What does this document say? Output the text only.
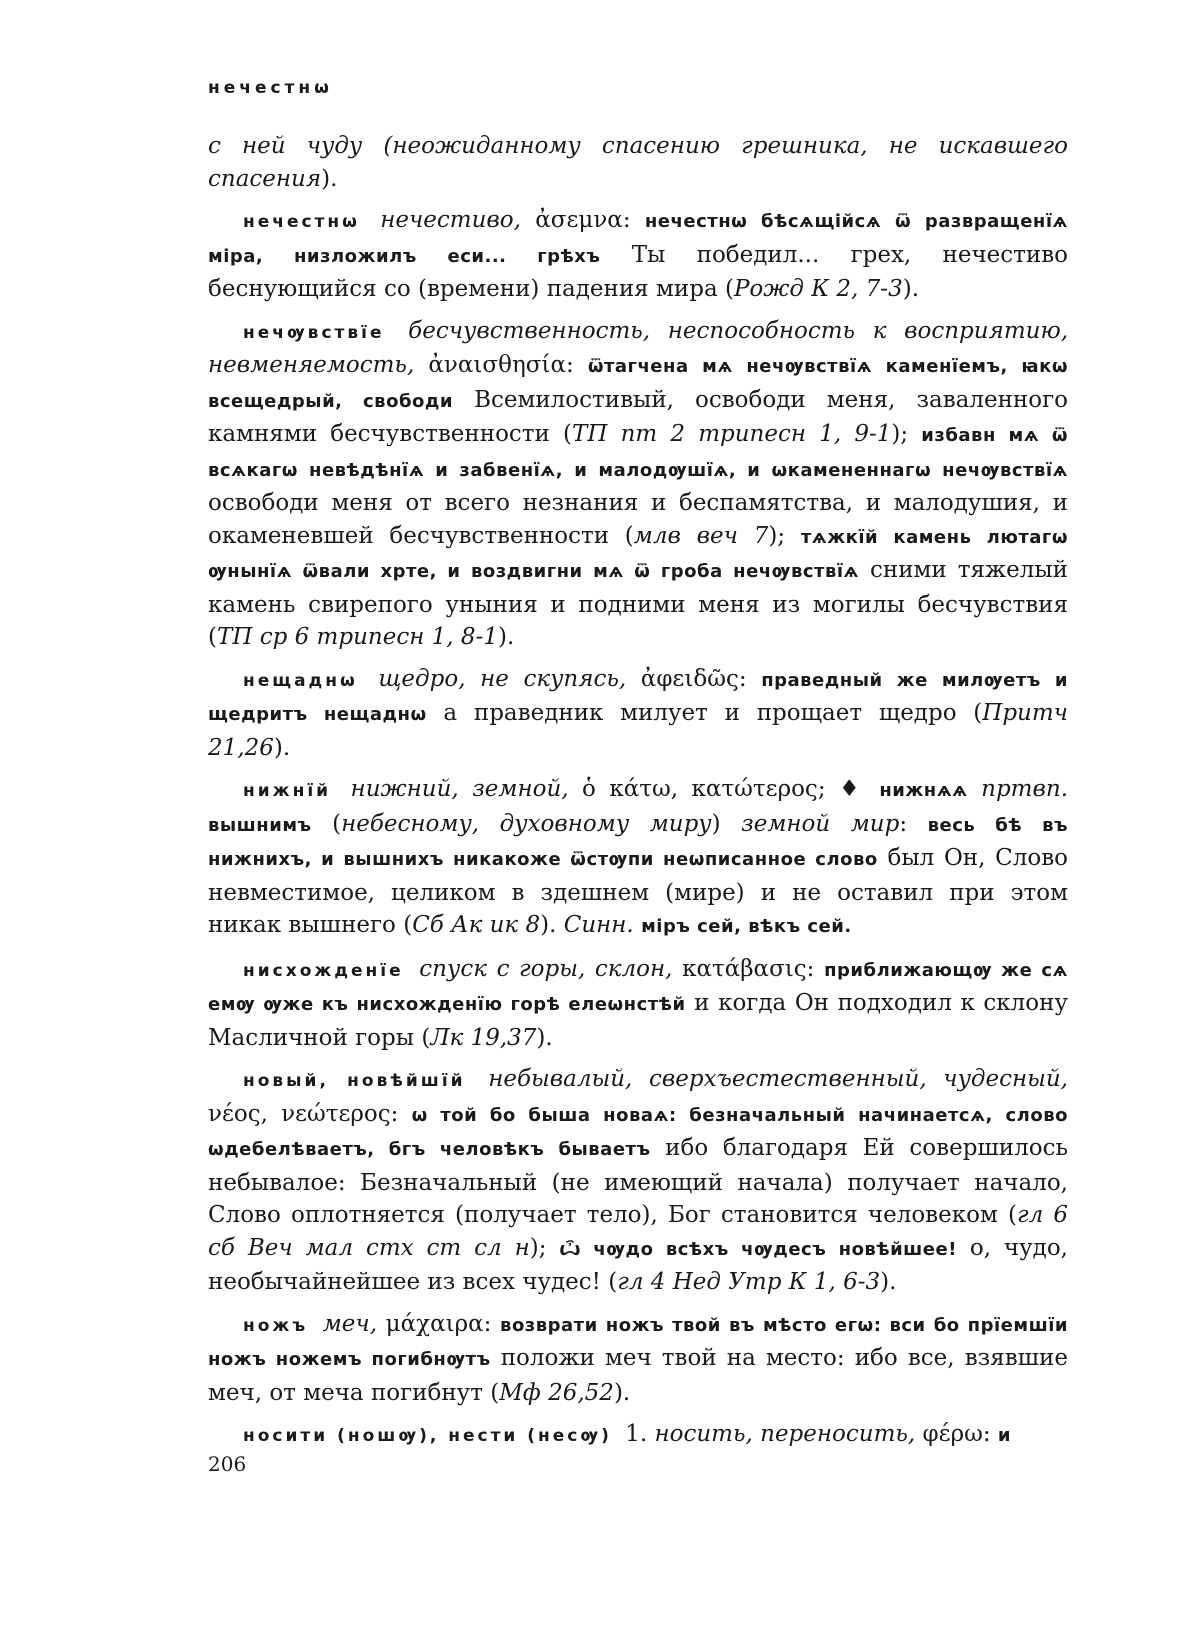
нечестнѡ

с ней чуду (неожиданному спасению грешника, не искавшего спасения).

нечестнѡ нечестиво, ἀσεμνα: нечестнѡ бѣсѧщійсѧ ѿ развращенїѧ міра, низложилъ еси... грѣхъ Ты победил... грех, нечестиво беснующийся со (времени) падения мира (Рожд К 2, 7-3).

нечѹвствїе бесчувственность, неспособность к восприятию, невменяемость, ἀναισθησία: ѿтагчена мѧ нечѹвствїѧ каменїемъ, ꙗкѡ всещедрый, свободи Всемилостивый, освободи меня, заваленного камнями бесчувственности (ТП пт 2 трипесн 1, 9-1); избавн мѧ ѿ всѧкагѡ невѣдѣнїѧ и забвенїѧ, и малодѹшїѧ, и ѡкамененнагѡ нечѹвствїѧ освободи меня от всего незнания и беспамятства, и малодушия, и окаменевшей бесчувственности (млв веч 7); тѧжкїй камень лютагѡ ѹнынїѧ ѿвали хрте, и воздвигни мѧ ѿ гроба нечѹвствїѧ сними тяжелый камень свирепого уныния и подними меня из могилы бесчувствия (ТП ср 6 трипесн 1, 8-1).

нещаднѡ щедро, не скупясь, ἀφειδῶς: праведный же милѹетъ и щедритъ нещаднѡ а праведник милует и прощает щедро (Притч 21,26).

нижнїй нижний, земной, ὁ κάτω, κατώτερος; ♦ нижнѧѧ пртвп. вышнимъ (небесному, духовному миру) земной мир: весь бѣ въ нижнихъ, и вышнихъ никакоже ѿстѹпи неѡписанное слово был Он, Слово невместимое, целиком в здешнем (мире) и не оставил при этом никак вышнего (Сб Ак ик 8). Синн. міръ сей, вѣкъ сей.

нисхожденїе спуск с горы, склон, κατάβασις: приближающѹ же сѧ емѹ ѹже къ нисхожденїю горѣ елеѡнстѣй и когда Он подходил к склону Масличной горы (Лк 19,37).

новый, новѣйшїй небывалый, сверхъестественный, чудесный, νέος, νεώτερος: ѡ той бо быша новаѧ: безначальный начинаетсѧ, слово ѡдебелѣваетъ, бгъ человѣкъ бываетъ ибо благодаря Ей совершилось небывалое: Безначальный (не имеющий начала) получает начало, Слово оплотняется (получает тело), Бог становится человеком (гл 6 сб Веч мал стх ст сл н); ѽ чѹдо всѣхъ чѹдесъ новѣйшее! о, чудо, необычайнейшее из всех чудес! (гл 4 Нед Утр К 1, 6-3).

ножъ меч, μάχαιρα: возврати ножъ твой въ мѣсто егѡ: вси бо прїемшїи ножъ ножемъ погибнѹтъ положи меч твой на место: ибо все, взявшие меч, от меча погибнут (Мф 26,52).

носити (ношѹ), нести (несѹ) 1. носить, переносить, φέρω: и

206
